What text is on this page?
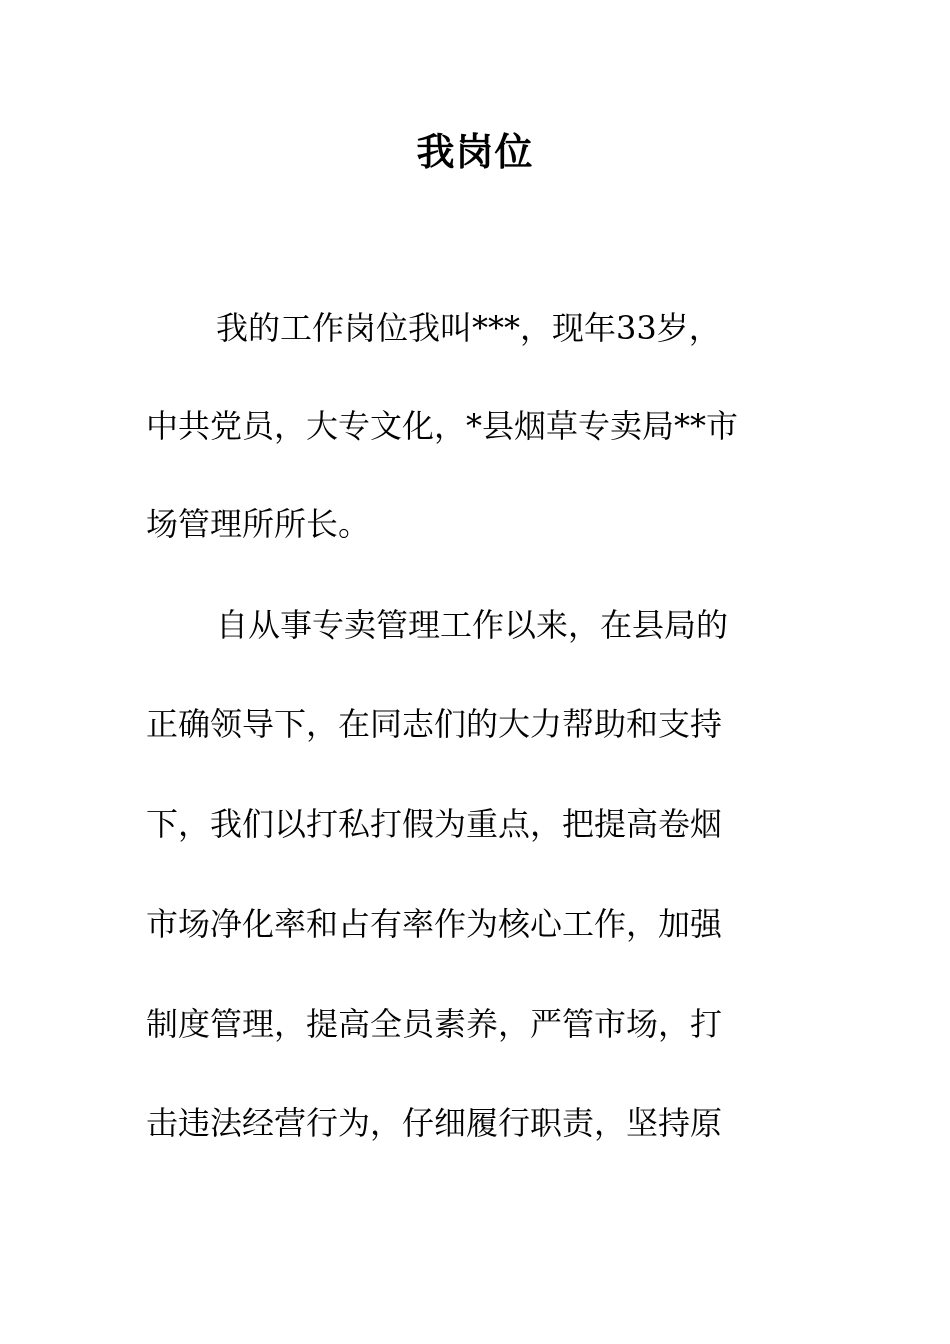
我岗位
我的工作岗位我叫***，现年33岁，
中共党员，大专文化，*县烟草专卖局**市
场管理所所长。
自从事专卖管理工作以来，在县局的
正确领导下，在同志们的大力帮助和支持
下，我们以打私打假为重点，把提高卷烟
市场净化率和占有率作为核心工作，加强
制度管理，提高全员素养，严管市场，打
击违法经营行为，仔细履行职责，坚持原
